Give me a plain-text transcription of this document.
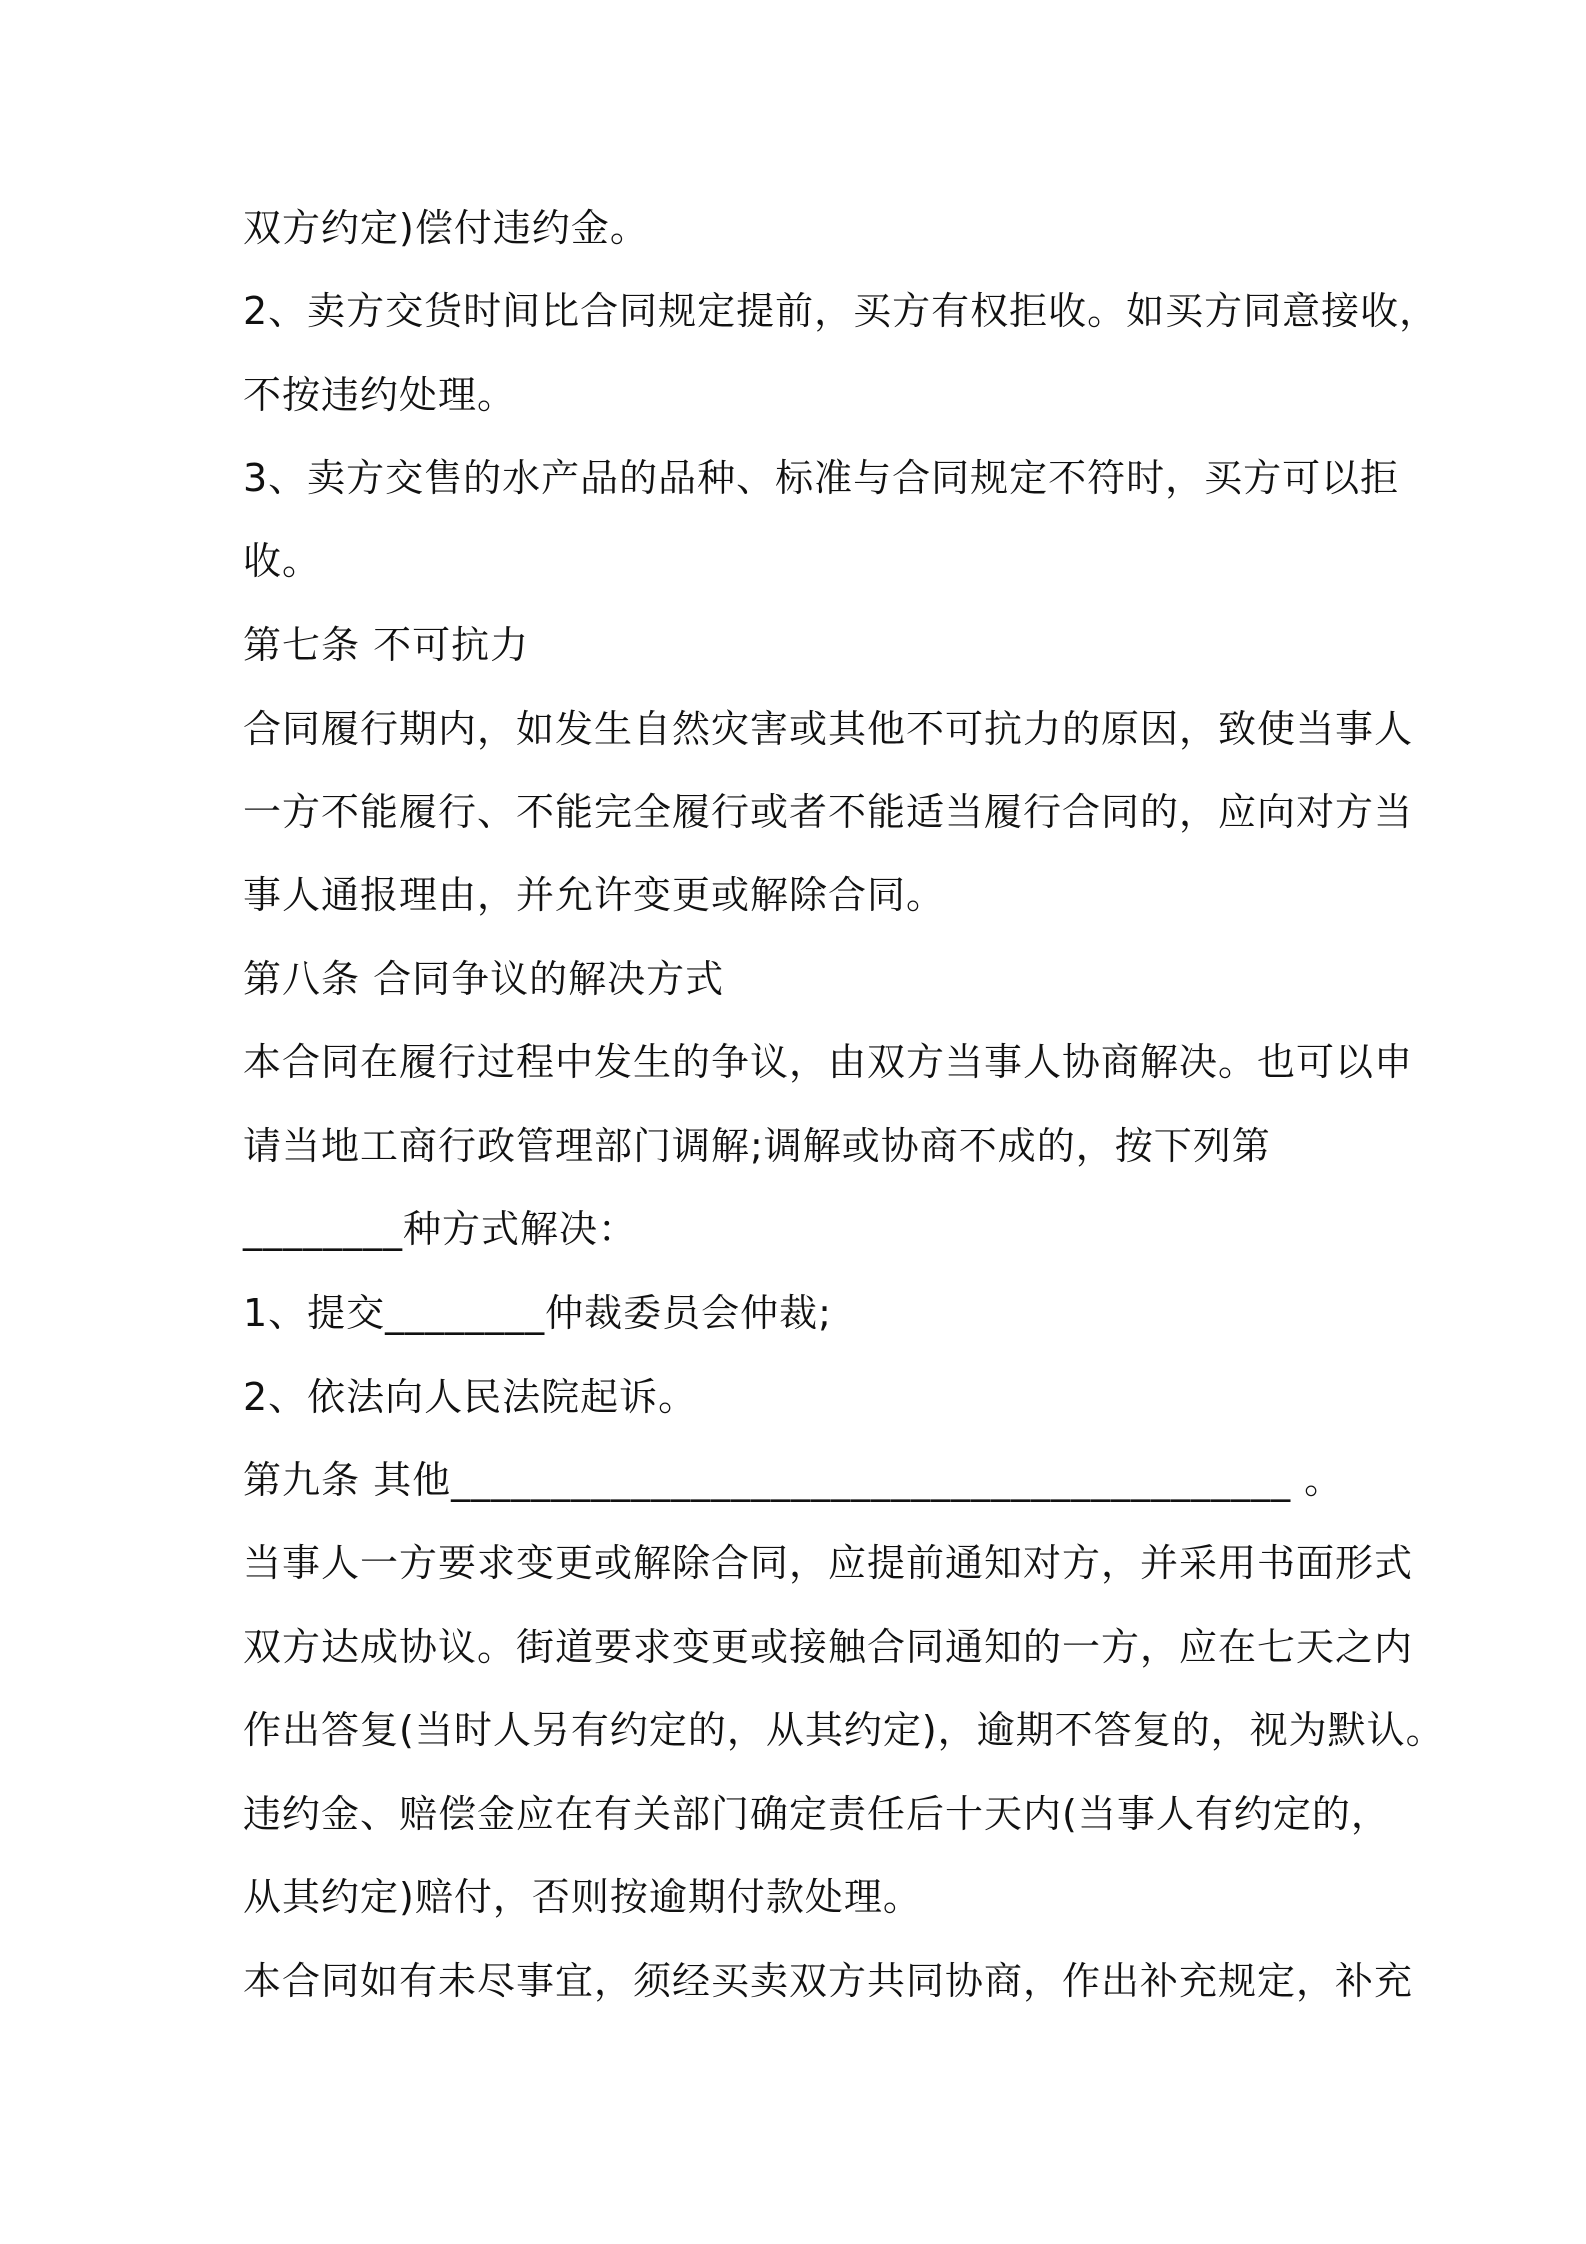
双方约定)偿付违约金。

2、卖方交货时间比合同规定提前，买方有权拒收。如买方同意接收，

不按违约处理。

3、卖方交售的水产品的品种、标准与合同规定不符时，买方可以拒

收。

第七条 不可抗力

合同履行期内，如发生自然灾害或其他不可抗力的原因，致使当事人

一方不能履行、不能完全履行或者不能适当履行合同的，应向对方当

事人通报理由，并允许变更或解除合同。

第八条 合同争议的解决方式

本合同在履行过程中发生的争议，由双方当事人协商解决。也可以申

请当地工商行政管理部门调解;调解或协商不成的，按下列第

________种方式解决：

1、提交________仲裁委员会仲裁;

2、依法向人民法院起诉。

第九条 其他__________________________________________ 。

当事人一方要求变更或解除合同，应提前通知对方，并采用书面形式

双方达成协议。街道要求变更或接触合同通知的一方，应在七天之内

作出答复(当时人另有约定的，从其约定)，逾期不答复的，视为默认。

违约金、赔偿金应在有关部门确定责任后十天内(当事人有约定的，

从其约定)赔付，否则按逾期付款处理。

本合同如有未尽事宜，须经买卖双方共同协商，作出补充规定，补充
